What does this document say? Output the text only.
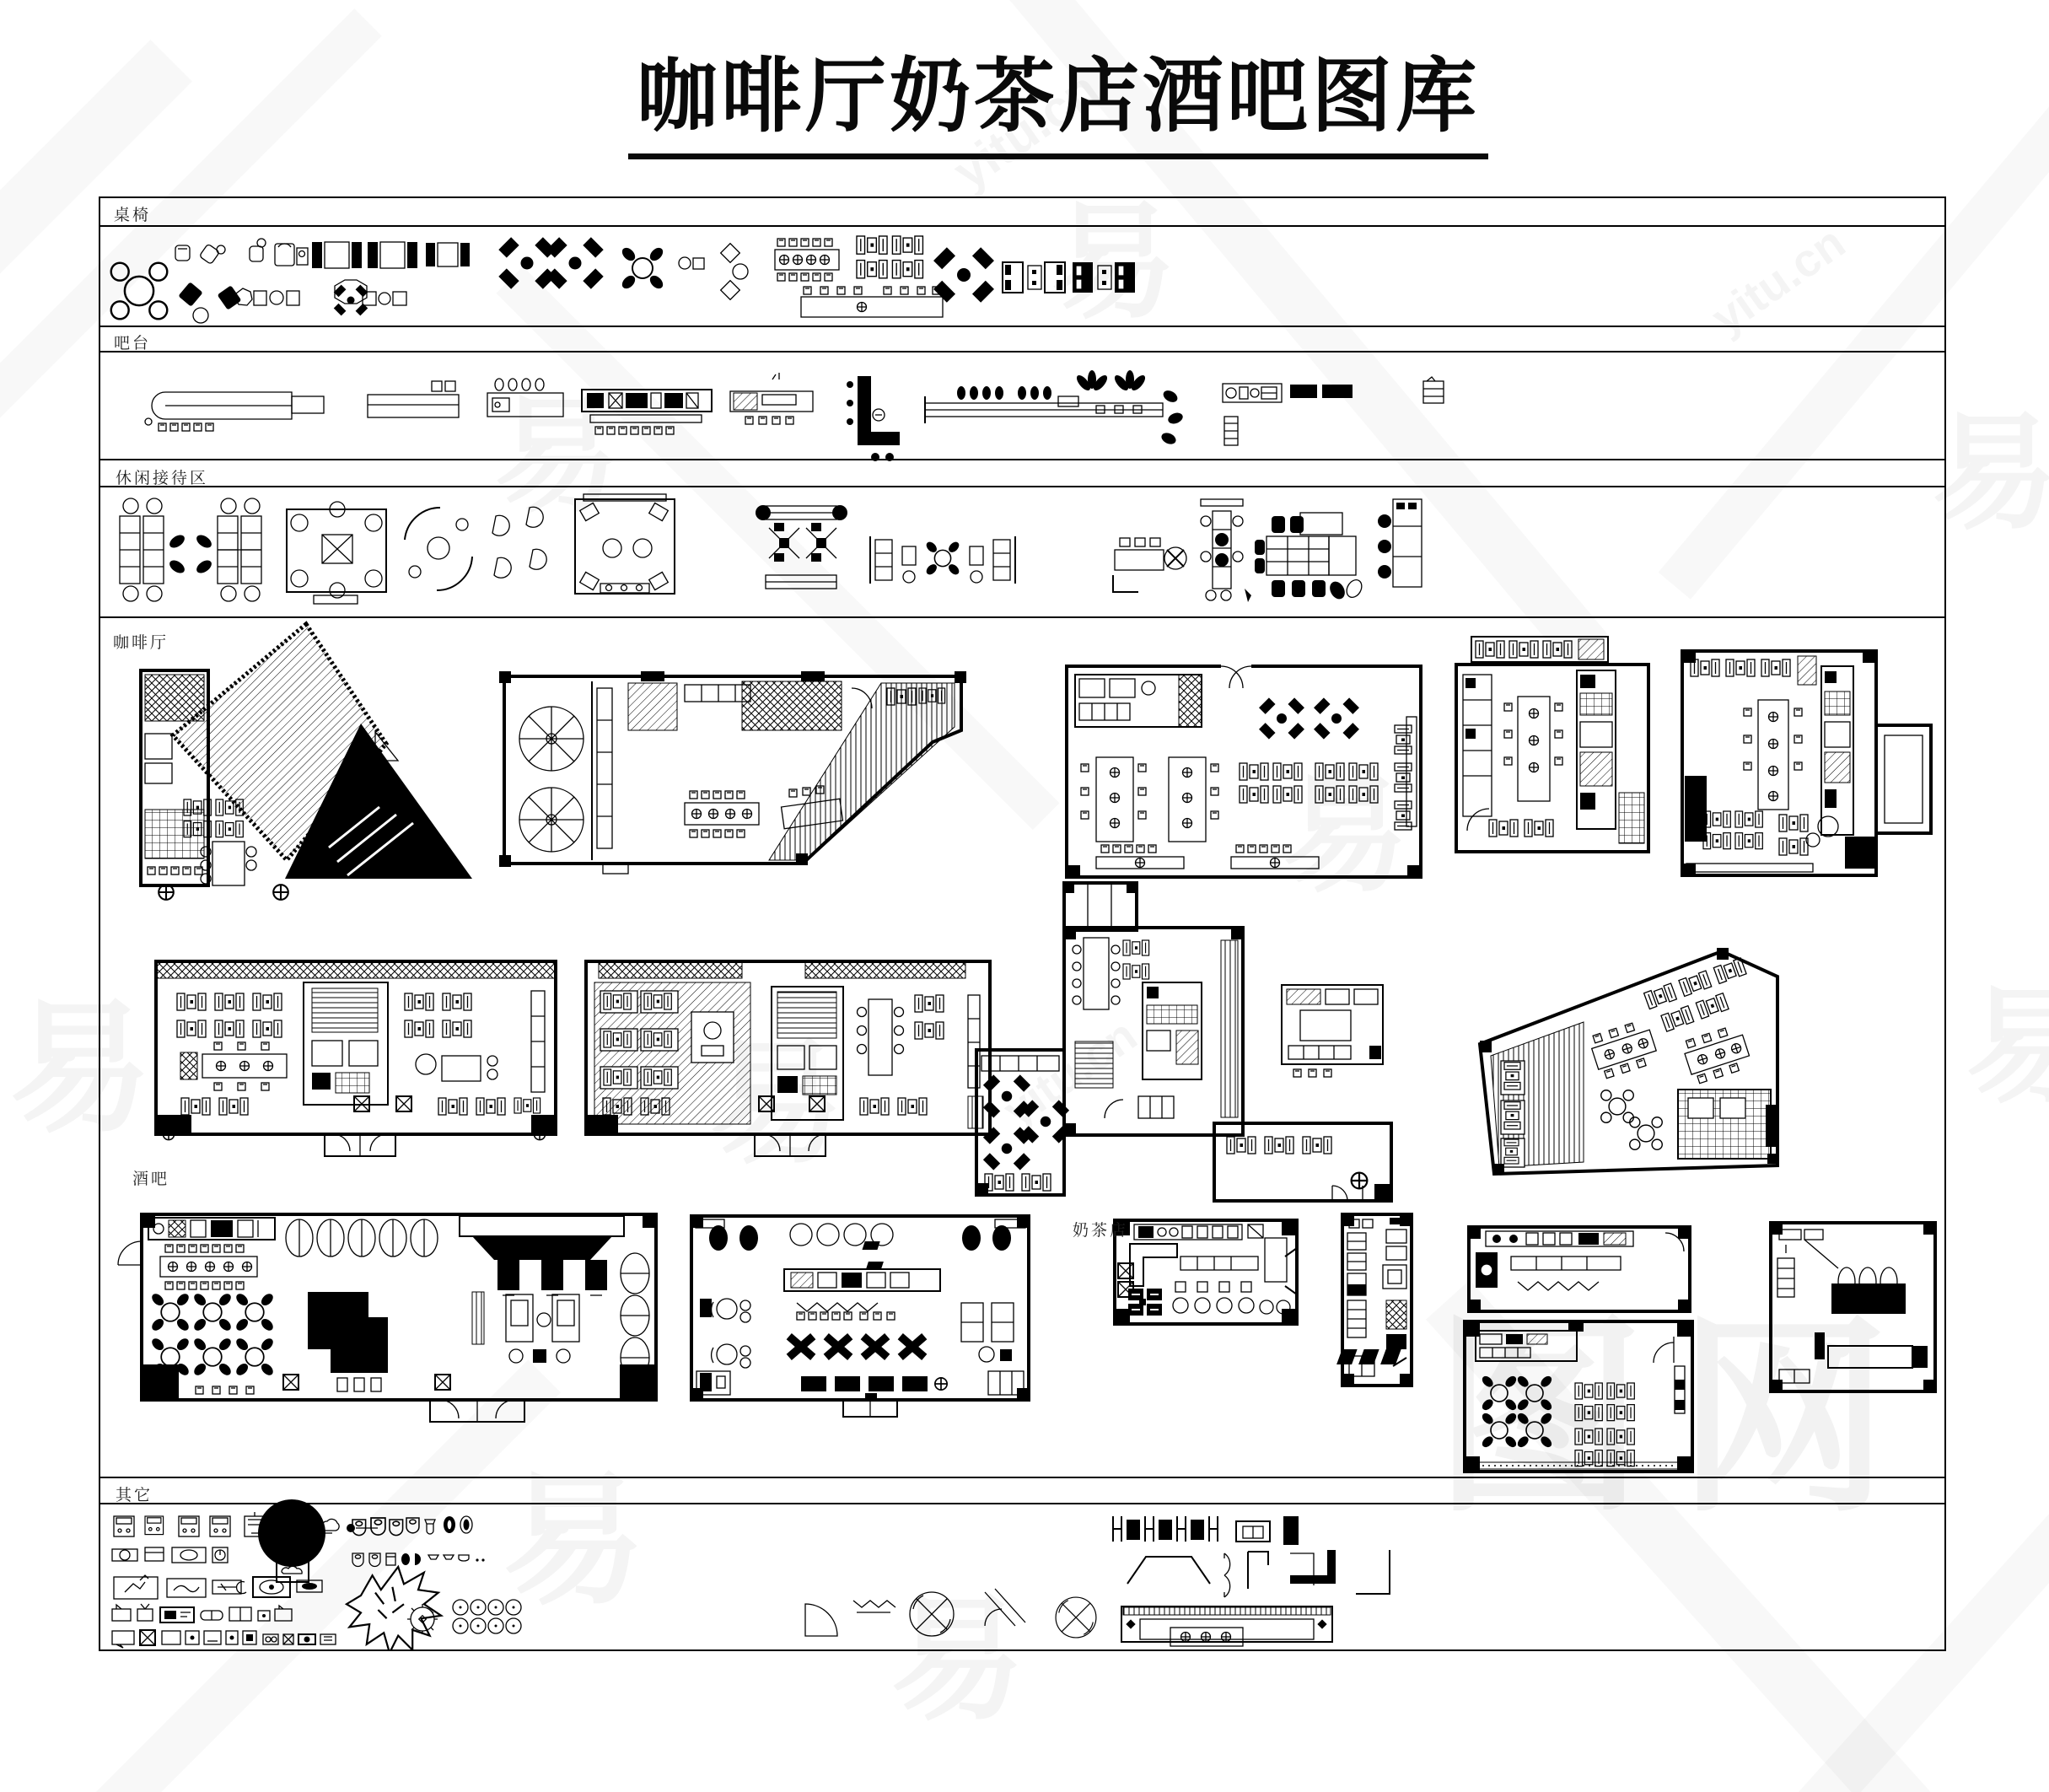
图网
咖啡厅奶茶店酒吧图库
桌椅
吧台
休闲接待区
咖啡厅
酒吧
奶茶店
其它
